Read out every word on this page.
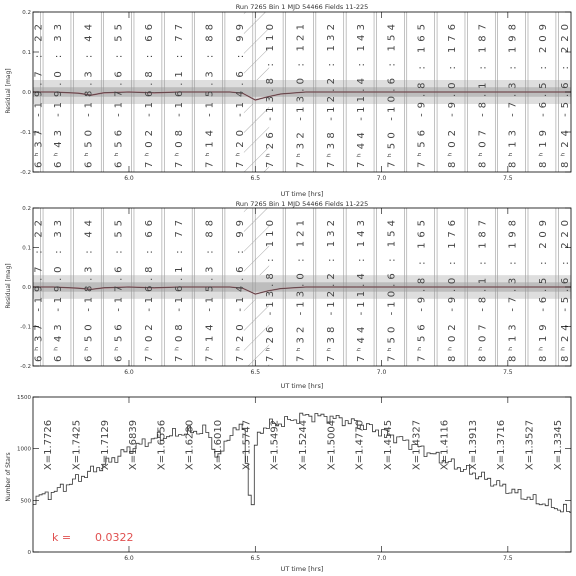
Run 7265 Bin 1 MJD 54466 Fields 11-225
Run 7265 Bin 1 MJD 54466 Fields 11-225
6ʰ37 -19.7 : 22
6ʰ43 -19.0 : 33
6ʰ50 -18.3 : 44
6ʰ56 -17.6 : 55
7ʰ02 -16.8 : 66
7ʰ08 -16.1 : 77
7ʰ14 -15.3 : 88
7ʰ20 -14.6 : 99
7ʰ26 -13.8 : 110
7ʰ32 -13.0 : 121
7ʰ38 -12.2 : 132
7ʰ44 -11.4 : 143
7ʰ50 -10.6 : 154
7ʰ56 -9.8 : 165
8ʰ02 -9.0 : 176
8ʰ07 -8.1 : 187
8ʰ13 -7.3 : 198
8ʰ19 -6.5 : 209
8ʰ24 -5.6 : 220
6.0	6.5	7.0	7.5
-0.2
-0.1
0.0
0.1
0.2
6ʰ37 -19.7 : 22
6ʰ43 -19.0 : 33
6ʰ50 -18.3 : 44
6ʰ56 -17.6 : 55
7ʰ02 -16.8 : 66
7ʰ08 -16.1 : 77
7ʰ14 -15.3 : 88
7ʰ20 -14.6 : 99
7ʰ26 -13.8 : 110
7ʰ32 -13.0 : 121
7ʰ38 -12.2 : 132
7ʰ44 -11.4 : 143
7ʰ50 -10.6 : 154
7ʰ56 -9.8 : 165
8ʰ02 -9.0 : 176
8ʰ07 -8.1 : 187
8ʰ13 -7.3 : 198
8ʰ19 -6.5 : 209
8ʰ24 -5.6 : 220
6.0	6.5	7.0	7.5
-0.2
-0.1
0.0
0.1
0.2
X=1.7726 X=1.7425 X=1.7129 X=1.6839 X=1.6556 X=1.6280 X=1.6010 X=1.5747 X=1.5492 X=1.5244 X=1.5004 X=1.4770 X=1.4545 X=1.4327 X=1.4116 X=1.3913 X=1.3716 X=1.3527 X=1.3345
6.0	6.5	7.0	7.5
0
500
1000
1500
UT time [hrs]
Residual [mag]
UT time [hrs]
Residual [mag]
UT time [hrs]
Number of Stars
k = 0.0322
